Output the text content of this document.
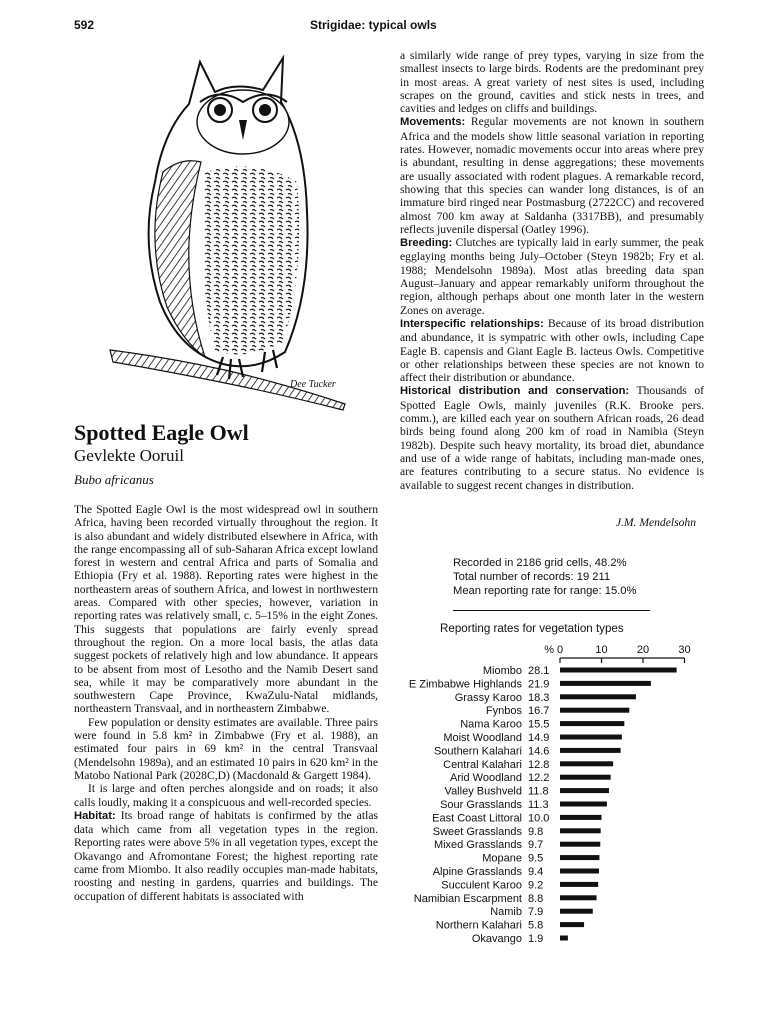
592	Strigidae: typical owls
Dee Tucker
Spotted Eagle Owl
Gevlekte Ooruil
Bubo africanus

The Spotted Eagle Owl is the most widespread owl in southern Africa, having been recorded virtually throughout the region. It is also abundant and widely distributed elsewhere in Africa, with the range encompassing all of sub-Saharan Africa except lowland forest in western and central Africa and parts of Somalia and Ethiopia (Fry et al. 1988). Reporting rates were highest in the northeastern areas of southern Africa, and lowest in northwestern areas. Compared with other species, however, variation in reporting rates was relatively small, c. 5–15% in the eight Zones. This suggests that populations are fairly evenly spread throughout the region. On a more local basis, the atlas data suggest pockets of relatively high and low abundance. It appears to be absent from most of Lesotho and the Namib Desert sand sea, while it may be comparatively more abundant in the southwestern Cape Province, KwaZulu-Natal midlands, northeastern Transvaal, and in northeastern Zimbabwe.

Few population or density estimates are available. Three pairs were found in 5.8 km² in Zimbabwe (Fry et al. 1988), an estimated four pairs in 69 km² in the central Transvaal (Mendelsohn 1989a), and an estimated 10 pairs in 620 km² in the Matobo National Park (2028C,D) (Macdonald & Gargett 1984).

It is large and often perches alongside and on roads; it also calls loudly, making it a conspicuous and well-recorded species.

Habitat: Its broad range of habitats is confirmed by the atlas data which came from all vegetation types in the region. Reporting rates were above 5% in all vegetation types, except the Okavango and Afromontane Forest; the highest reporting rate came from Miombo. It also readily occupies man-made habitats, roosting and nesting in gardens, quarries and buildings. The occupation of different habitats is associated with

a similarly wide range of prey types, varying in size from the smallest insects to large birds. Rodents are the predominant prey in most areas. A great variety of nest sites is used, including scrapes on the ground, cavities and stick nests in trees, and cavities and ledges on cliffs and buildings.

Movements: Regular movements are not known in southern Africa and the models show little seasonal variation in reporting rates. However, nomadic movements occur into areas where prey is abundant, resulting in dense aggregations; these movements are usually associated with rodent plagues. A remarkable record, showing that this species can wander long distances, is of an immature bird ringed near Postmasburg (2722CC) and recovered almost 700 km away at Saldanha (3317BB), and presumably reflects juvenile dispersal (Oatley 1996).

Breeding: Clutches are typically laid in early summer, the peak egglaying months being July–October (Steyn 1982b; Fry et al. 1988; Mendelsohn 1989a). Most atlas breeding data span August–January and appear remarkably uniform throughout the region, although perhaps about one month later in the western Zones on average.

Interspecific relationships: Because of its broad distribution and abundance, it is sympatric with other owls, including Cape Eagle B. capensis and Giant Eagle B. lacteus Owls. Competitive or other relationships between these species are not known to affect their distribution or abundance.

Historical distribution and conservation: Thousands of Spotted Eagle Owls, mainly juveniles (R.K. Brooke pers. comm.), are killed each year on southern African roads, 26 dead birds being found along 200 km of road in Namibia (Steyn 1982b). Despite such heavy mortality, its broad diet, abundance and use of a wide range of habitats, including man-made ones, are features contributing to a secure status. No evidence is available to suggest recent changes in distribution.

J.M. Mendelsohn
Recorded in 2186 grid cells, 48.2%
Total number of records: 19 211
Mean reporting rate for range: 15.0%
Reporting rates for vegetation types
% 0	10	20	30
Miombo 28.1
E Zimbabwe Highlands 21.9
Grassy Karoo 18.3
Fynbos 16.7
Nama Karoo 15.5
Moist Woodland 14.9
Southern Kalahari 14.6
Central Kalahari 12.8
Arid Woodland 12.2
Valley Bushveld 11.8
Sour Grasslands 11.3
East Coast Littoral 10.0
Sweet Grasslands 9.8
Mixed Grasslands 9.7
Mopane 9.5
Alpine Grasslands 9.4
Succulent Karoo 9.2
Namibian Escarpment 8.8
Namib 7.9
Northern Kalahari 5.8
Okavango 1.9
